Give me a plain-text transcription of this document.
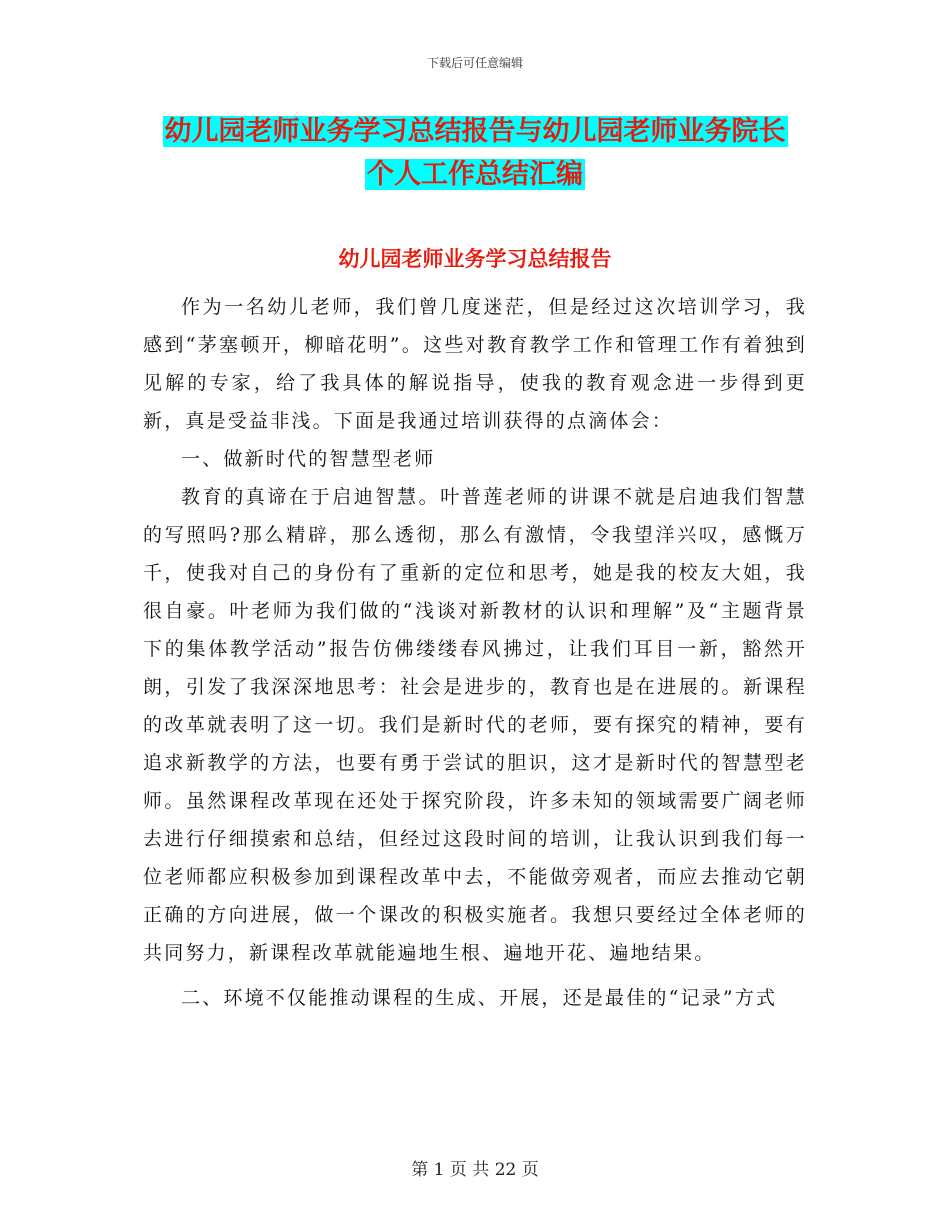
下载后可任意编辑
幼儿园老师业务学习总结报告与幼儿园老师业务院长
个人工作总结汇编
幼儿园老师业务学习总结报告

作为一名幼儿老师，我们曾几度迷茫，但是经过这次培训学习，我感到“茅塞顿开，柳暗花明”。这些对教育教学工作和管理工作有着独到见解的专家，给了我具体的解说指导，使我的教育观念进一步得到更新，真是受益非浅。下面是我通过培训获得的点滴体会：

一、做新时代的智慧型老师

教育的真谛在于启迪智慧。叶普莲老师的讲课不就是启迪我们智慧的写照吗?那么精辟，那么透彻，那么有激情，令我望洋兴叹，感慨万千，使我对自己的身份有了重新的定位和思考，她是我的校友大姐，我很自豪。叶老师为我们做的“浅谈对新教材的认识和理解”及“主题背景下的集体教学活动”报告仿佛缕缕春风拂过，让我们耳目一新，豁然开朗，引发了我深深地思考：社会是进步的，教育也是在进展的。新课程的改革就表明了这一切。我们是新时代的老师，要有探究的精神，要有追求新教学的方法，也要有勇于尝试的胆识，这才是新时代的智慧型老师。虽然课程改革现在还处于探究阶段，许多未知的领域需要广阔老师去进行仔细摸索和总结，但经过这段时间的培训，让我认识到我们每一位老师都应积极参加到课程改革中去，不能做旁观者，而应去推动它朝正确的方向进展，做一个课改的积极实施者。我想只要经过全体老师的共同努力，新课程改革就能遍地生根、遍地开花、遍地结果。

二、环境不仅能推动课程的生成、开展，还是最佳的“记录”方式

第 1 页 共 22 页
